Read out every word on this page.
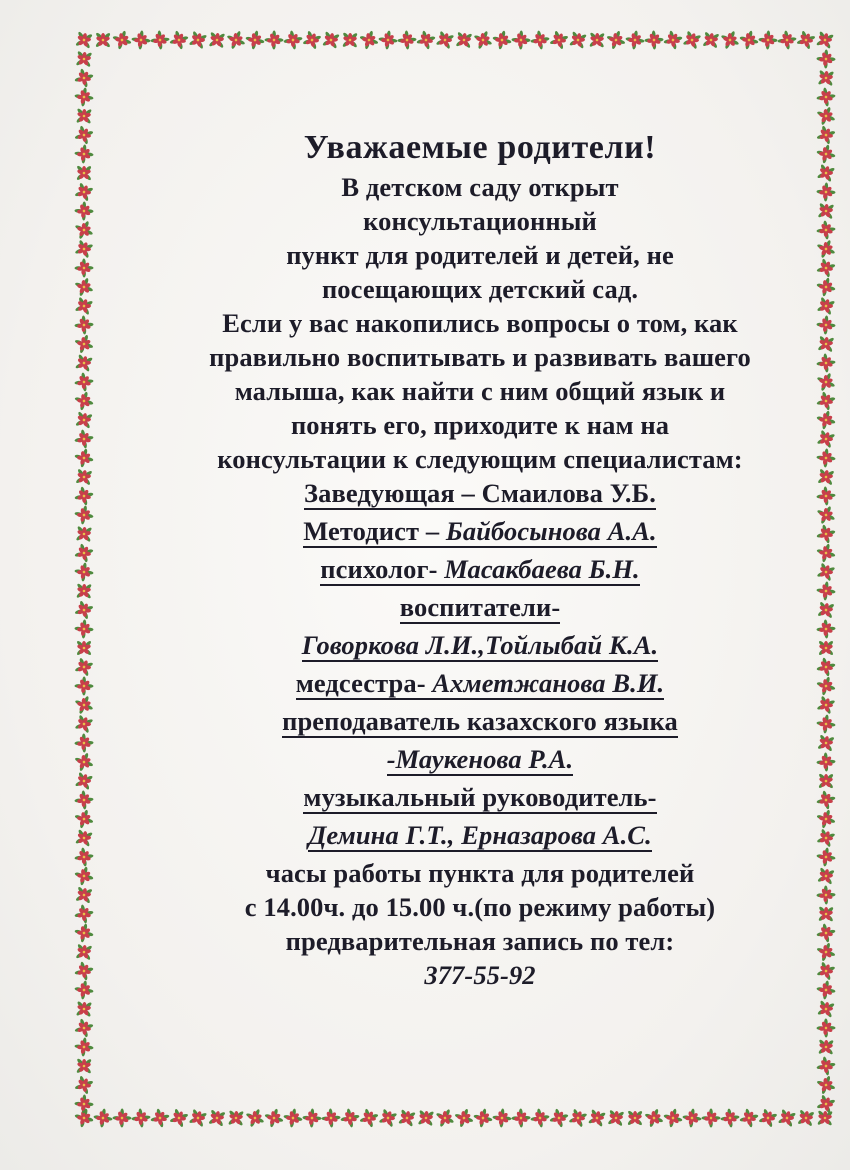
Уважаемые родители!
В детском саду открыт
консультационный
пункт для родителей и детей, не
посещающих детский сад.
Если у вас накопились вопросы о том, как
правильно воспитывать и развивать вашего
малыша, как найти с ним общий язык и
понять его, приходите к нам на
консультации к следующим специалистам:
Заведующая – Смаилова У.Б.
Методист – Байбосынова А.А.
психолог- Масакбаева Б.Н.
воспитатели-
Говоркова Л.И.,Тойлыбай К.А.
медсестра- Ахметжанова В.И.
преподаватель казахского языка
-Маукенова Р.А.
музыкальный руководитель-
Демина Г.Т., Ерназарова А.С.
часы работы пункта для родителей
с 14.00ч. до 15.00 ч.(по режиму работы)
предварительная запись по тел:
377-55-92
